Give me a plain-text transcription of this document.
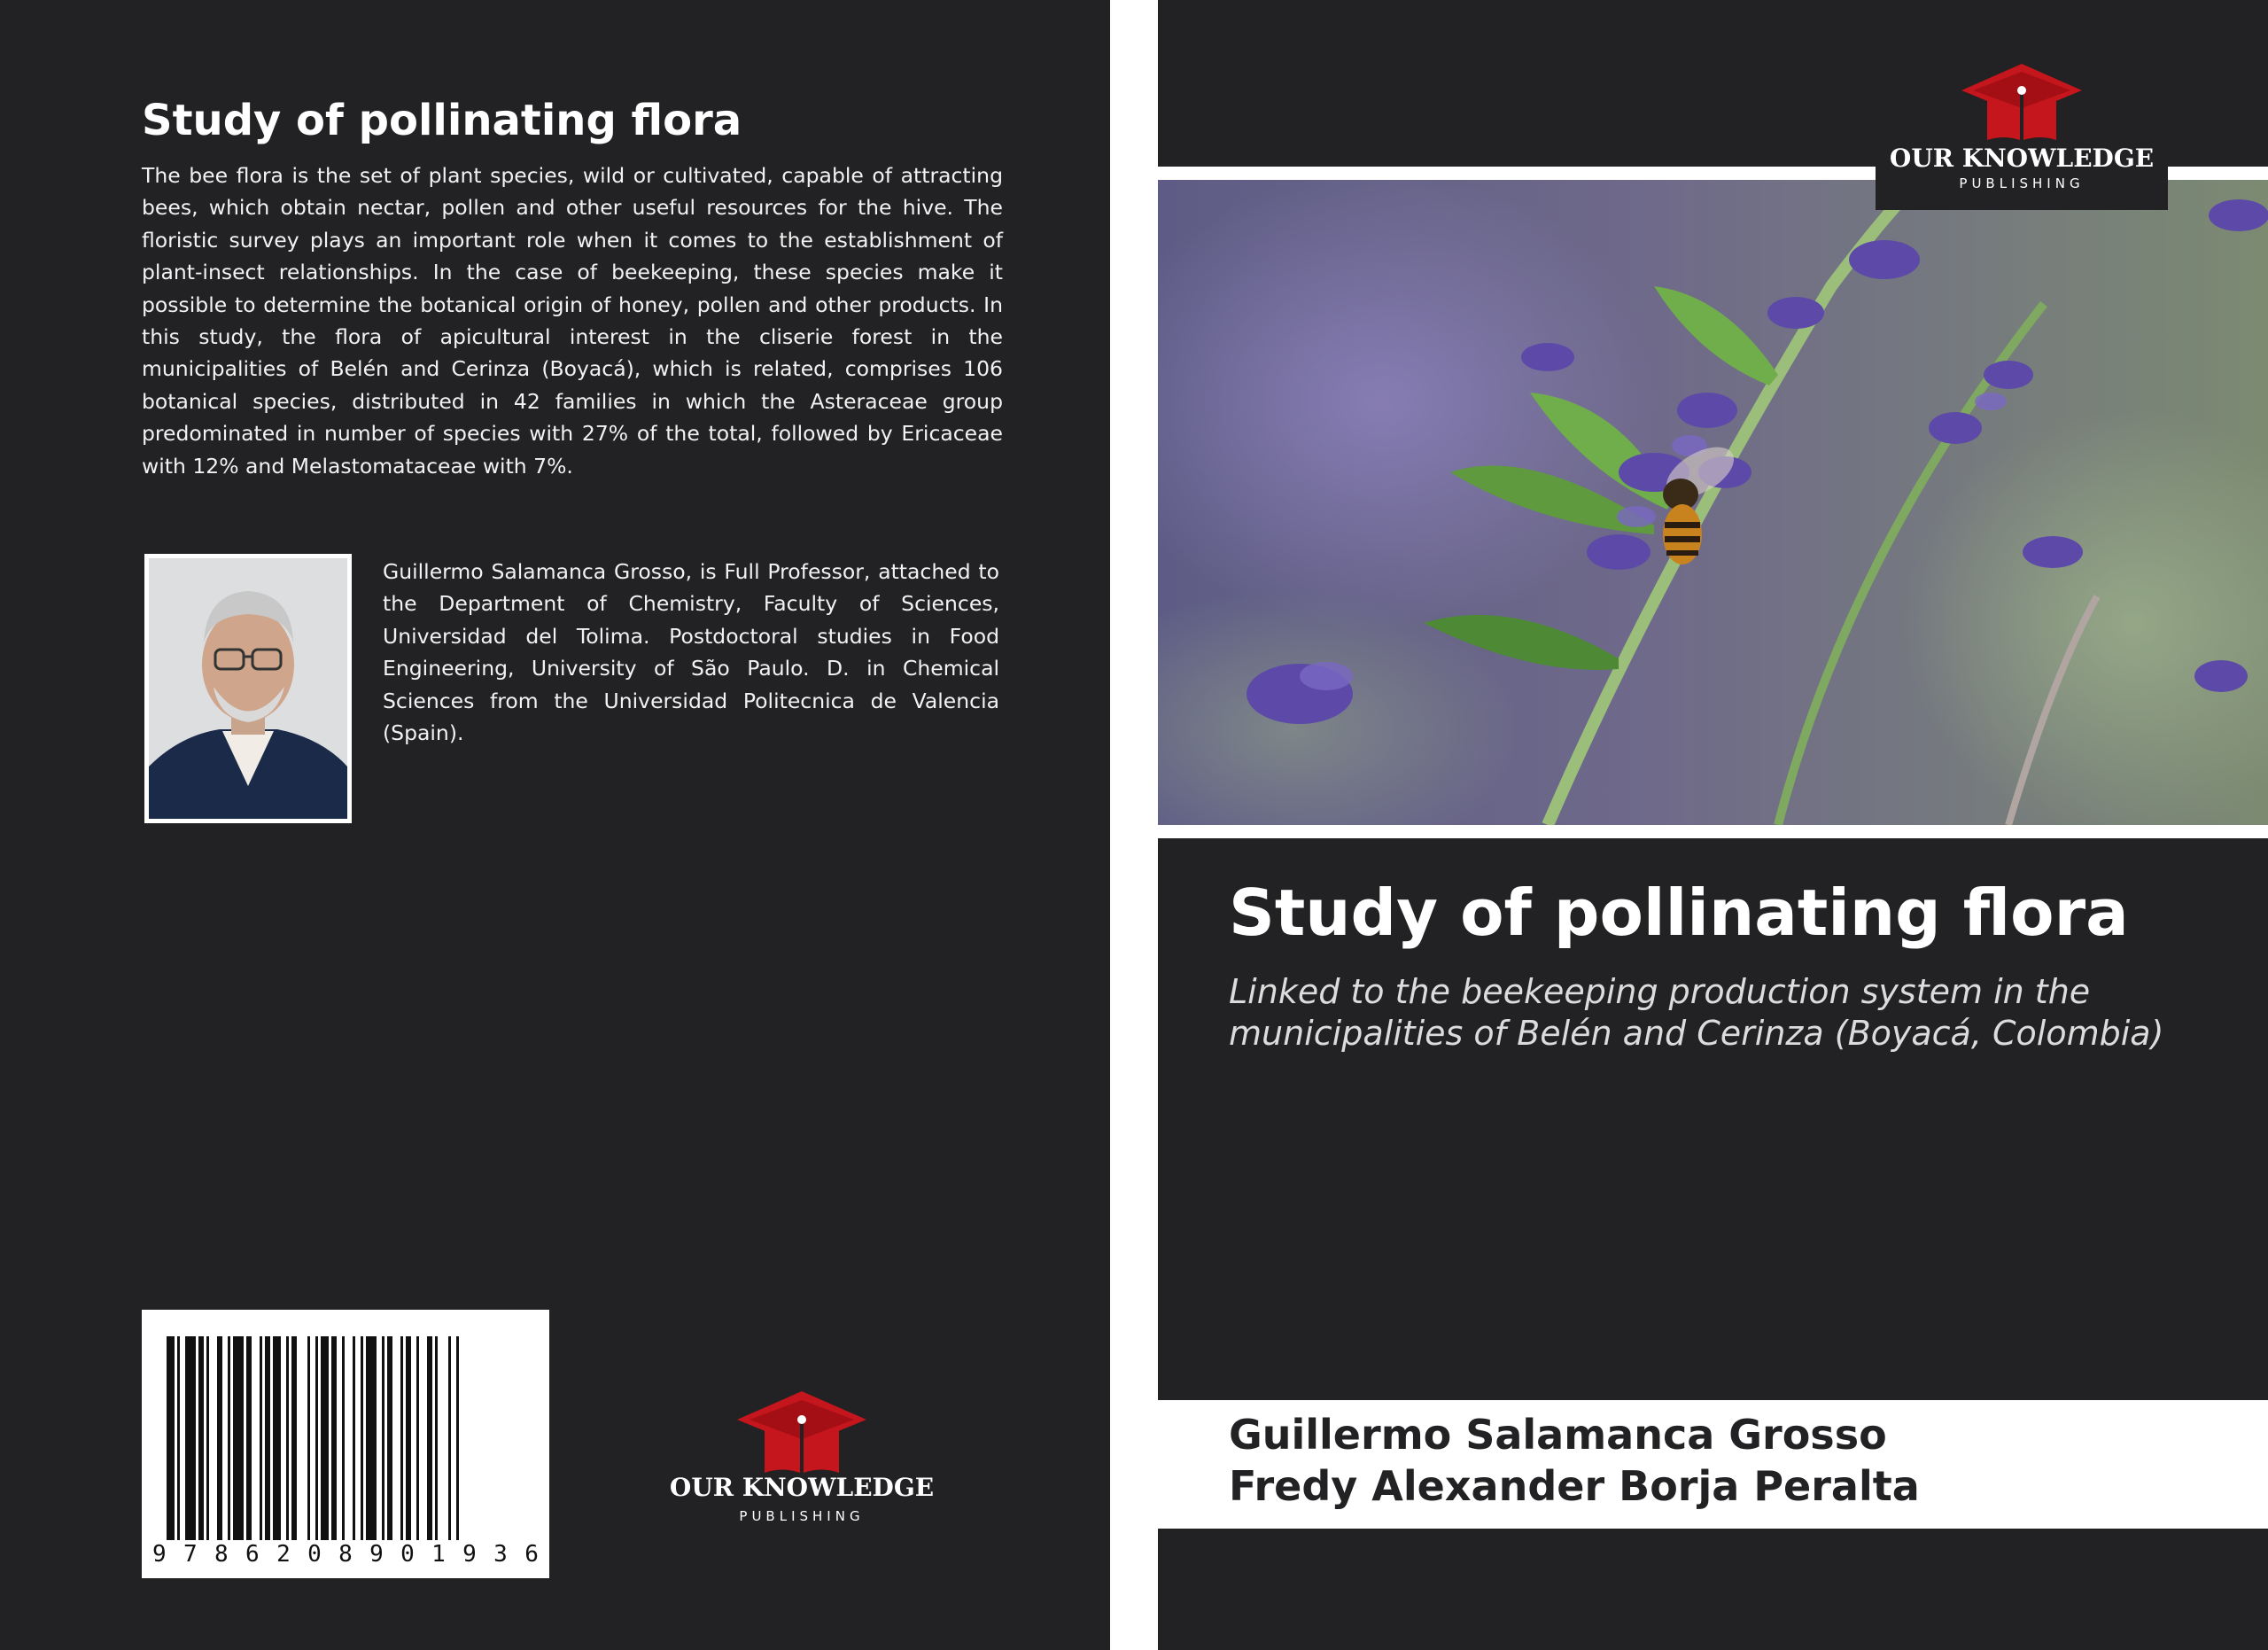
Study of pollinating flora

The bee flora is the set of plant species, wild or cultivated, capable of attracting bees, which obtain nectar, pollen and other useful resources for the hive. The floristic survey plays an important role when it comes to the establishment of plant-insect relationships. In the case of beekeeping, these species make it possible to determine the botanical origin of honey, pollen and other products. In this study, the flora of apicultural interest in the cliserie forest in the municipalities of Belén and Cerinza (Boyacá), which is related, comprises 106 botanical species, distributed in 42 families in which the Asteraceae group predominated in number of species with 27% of the total, followed by Ericaceae with 12% and Melastomataceae with 7%.

Guillermo Salamanca Grosso, is Full Professor, attached to the Department of Chemistry, Faculty of Sciences, Universidad del Tolima. Postdoctoral studies in Food Engineering, University of São Paulo. D. in Chemical Sciences from the Universidad Politecnica de Valencia (Spain).

9 7 8 6 2 0 8 9 0 1 9 3 6
OUR KNOWLEDGE
PUBLISHING
Study of pollinating flora

Linked to the beekeeping production system in the municipalities of Belén and Cerinza (Boyacá, Colombia)

Guillermo Salamanca Grosso

Fredy Alexander Borja Peralta

OUR KNOWLEDGE
PUBLISHING
